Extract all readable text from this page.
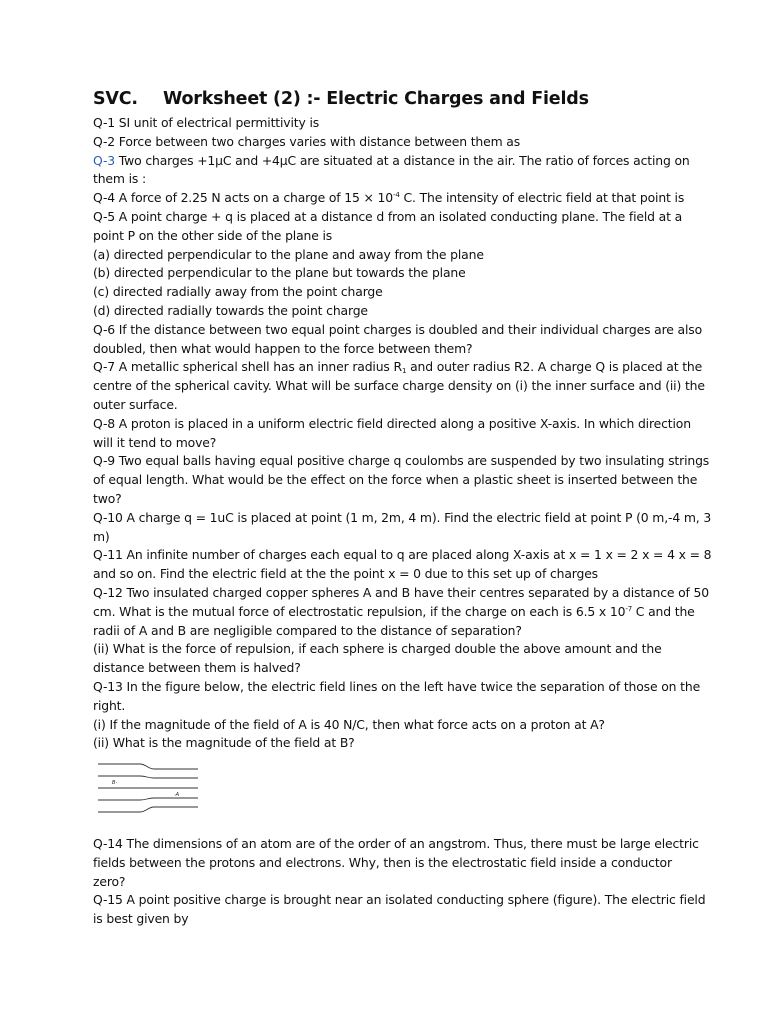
SVC. Worksheet (2) :- Electric Charges and Fields
Q-1 SI unit of electrical permittivity is
Q-2 Force between two charges varies with distance between them as
Q-3 Two charges +1μC and +4μC are situated at a distance in the air. The ratio of forces acting on
them is :
Q-4 A force of 2.25 N acts on a charge of $15 \times 10^{-4}$ C. The intensity of electric field at that point is
Q-5 A point charge + q is placed at a distance d from an isolated conducting plane. The field at a
point P on the other side of the plane is
(a) directed perpendicular to the plane and away from the plane
(b) directed perpendicular to the plane but towards the plane
(c) directed radially away from the point charge
(d) directed radially towards the point charge
Q-6 If the distance between two equal point charges is doubled and their individual charges are also
doubled, then what would happen to the force between them?
Q-7 A metallic spherical shell has an inner radius $R_1$ and outer radius R2. A charge Q is placed at the
centre of the spherical cavity. What will be surface charge density on (i) the inner surface and (ii) the
outer surface.
Q-8 A proton is placed in a uniform electric field directed along a positive X-axis. In which direction
will it tend to move?
Q-9 Two equal balls having equal positive charge q coulombs are suspended by two insulating strings
of equal length. What would be the effect on the force when a plastic sheet is inserted between the
two?
Q-10 A charge q = 1uC is placed at point (1 m, 2m, 4 m). Find the electric field at point P (0 m,-4 m, 3
m)
Q-11 An infinite number of charges each equal to q are placed along X-axis at x = 1 x = 2 x = 4 x = 8
and so on. Find the electric field at the the point x = 0 due to this set up of charges
Q-12 Two insulated charged copper spheres A and B have their centres separated by a distance of 50
cm. What is the mutual force of electrostatic repulsion, if the charge on each is 6.5 x $10^{-7}$ C and the
radii of A and B are negligible compared to the distance of separation?
(ii) What is the force of repulsion, if each sphere is charged double the above amount and the
distance between them is halved?
Q-13 In the figure below, the electric field lines on the left have twice the separation of those on the
right.
(i) If the magnitude of the field of A is 40 N/C, then what force acts on a proton at A?
(ii) What is the magnitude of the field at B?
B·
·A
Q-14 The dimensions of an atom are of the order of an angstrom. Thus, there must be large electric
fields between the protons and electrons. Why, then is the electrostatic field inside a conductor
zero?
Q-15 A point positive charge is brought near an isolated conducting sphere (figure). The electric field
is best given by
